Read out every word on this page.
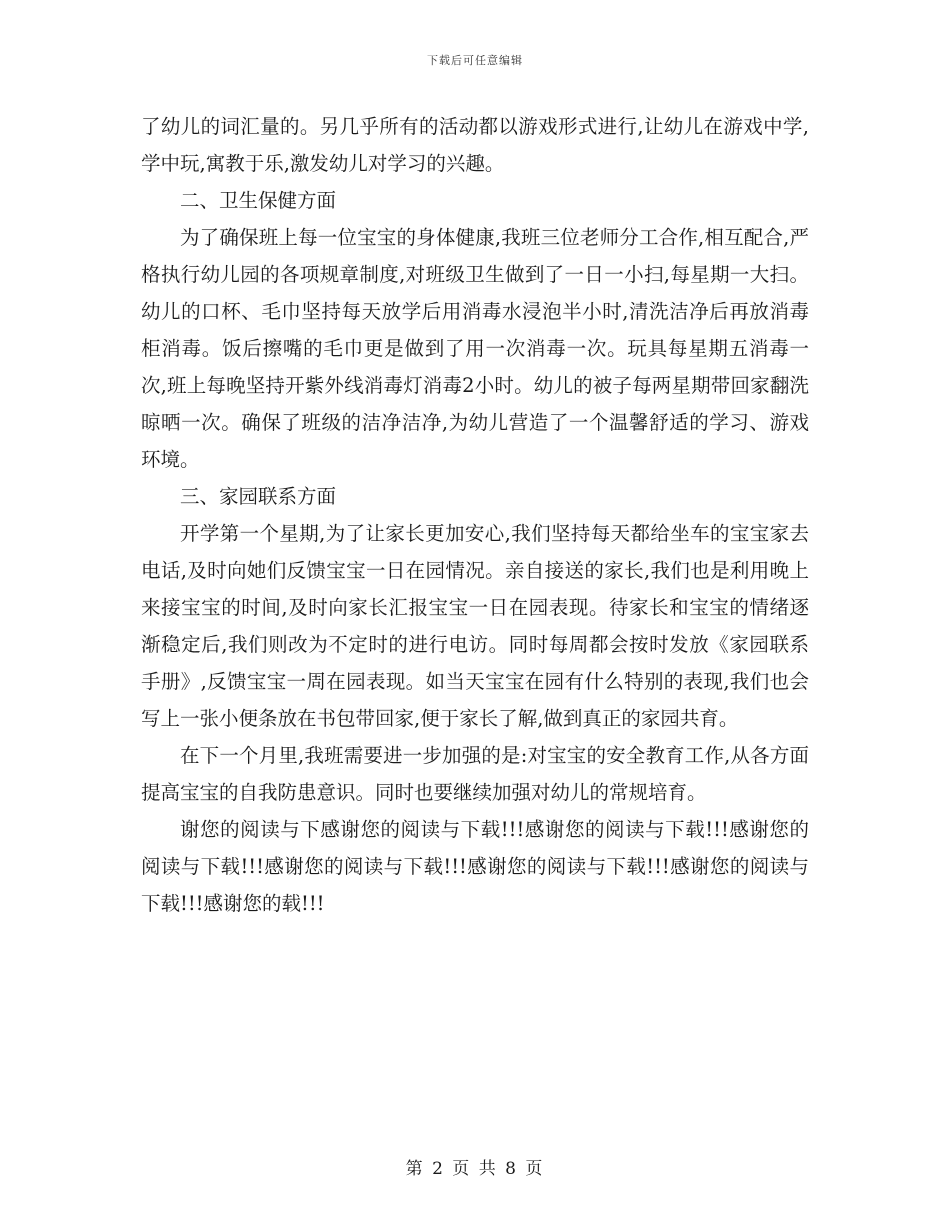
下载后可任意编辑

了幼儿的词汇量的。另几乎所有的活动都以游戏形式进行,让幼儿在游戏中学,学中玩,寓教于乐,激发幼儿对学习的兴趣。

二、卫生保健方面

为了确保班上每一位宝宝的身体健康,我班三位老师分工合作,相互配合,严格执行幼儿园的各项规章制度,对班级卫生做到了一日一小扫,每星期一大扫。幼儿的口杯、毛巾坚持每天放学后用消毒水浸泡半小时,清洗洁净后再放消毒柜消毒。饭后擦嘴的毛巾更是做到了用一次消毒一次。玩具每星期五消毒一次,班上每晚坚持开紫外线消毒灯消毒2小时。幼儿的被子每两星期带回家翻洗晾晒一次。确保了班级的洁净洁净,为幼儿营造了一个温馨舒适的学习、游戏环境。

三、家园联系方面

开学第一个星期,为了让家长更加安心,我们坚持每天都给坐车的宝宝家去电话,及时向她们反馈宝宝一日在园情况。亲自接送的家长,我们也是利用晚上来接宝宝的时间,及时向家长汇报宝宝一日在园表现。待家长和宝宝的情绪逐渐稳定后,我们则改为不定时的进行电访。同时每周都会按时发放《家园联系手册》,反馈宝宝一周在园表现。如当天宝宝在园有什么特别的表现,我们也会写上一张小便条放在书包带回家,便于家长了解,做到真正的家园共育。

在下一个月里,我班需要进一步加强的是:对宝宝的安全教育工作,从各方面提高宝宝的自我防患意识。同时也要继续加强对幼儿的常规培育。

谢您的阅读与下感谢您的阅读与下载!!!感谢您的阅读与下载!!!感谢您的阅读与下载!!!感谢您的阅读与下载!!!感谢您的阅读与下载!!!感谢您的阅读与下载!!!感谢您的载!!!

第 2 页 共 8 页
